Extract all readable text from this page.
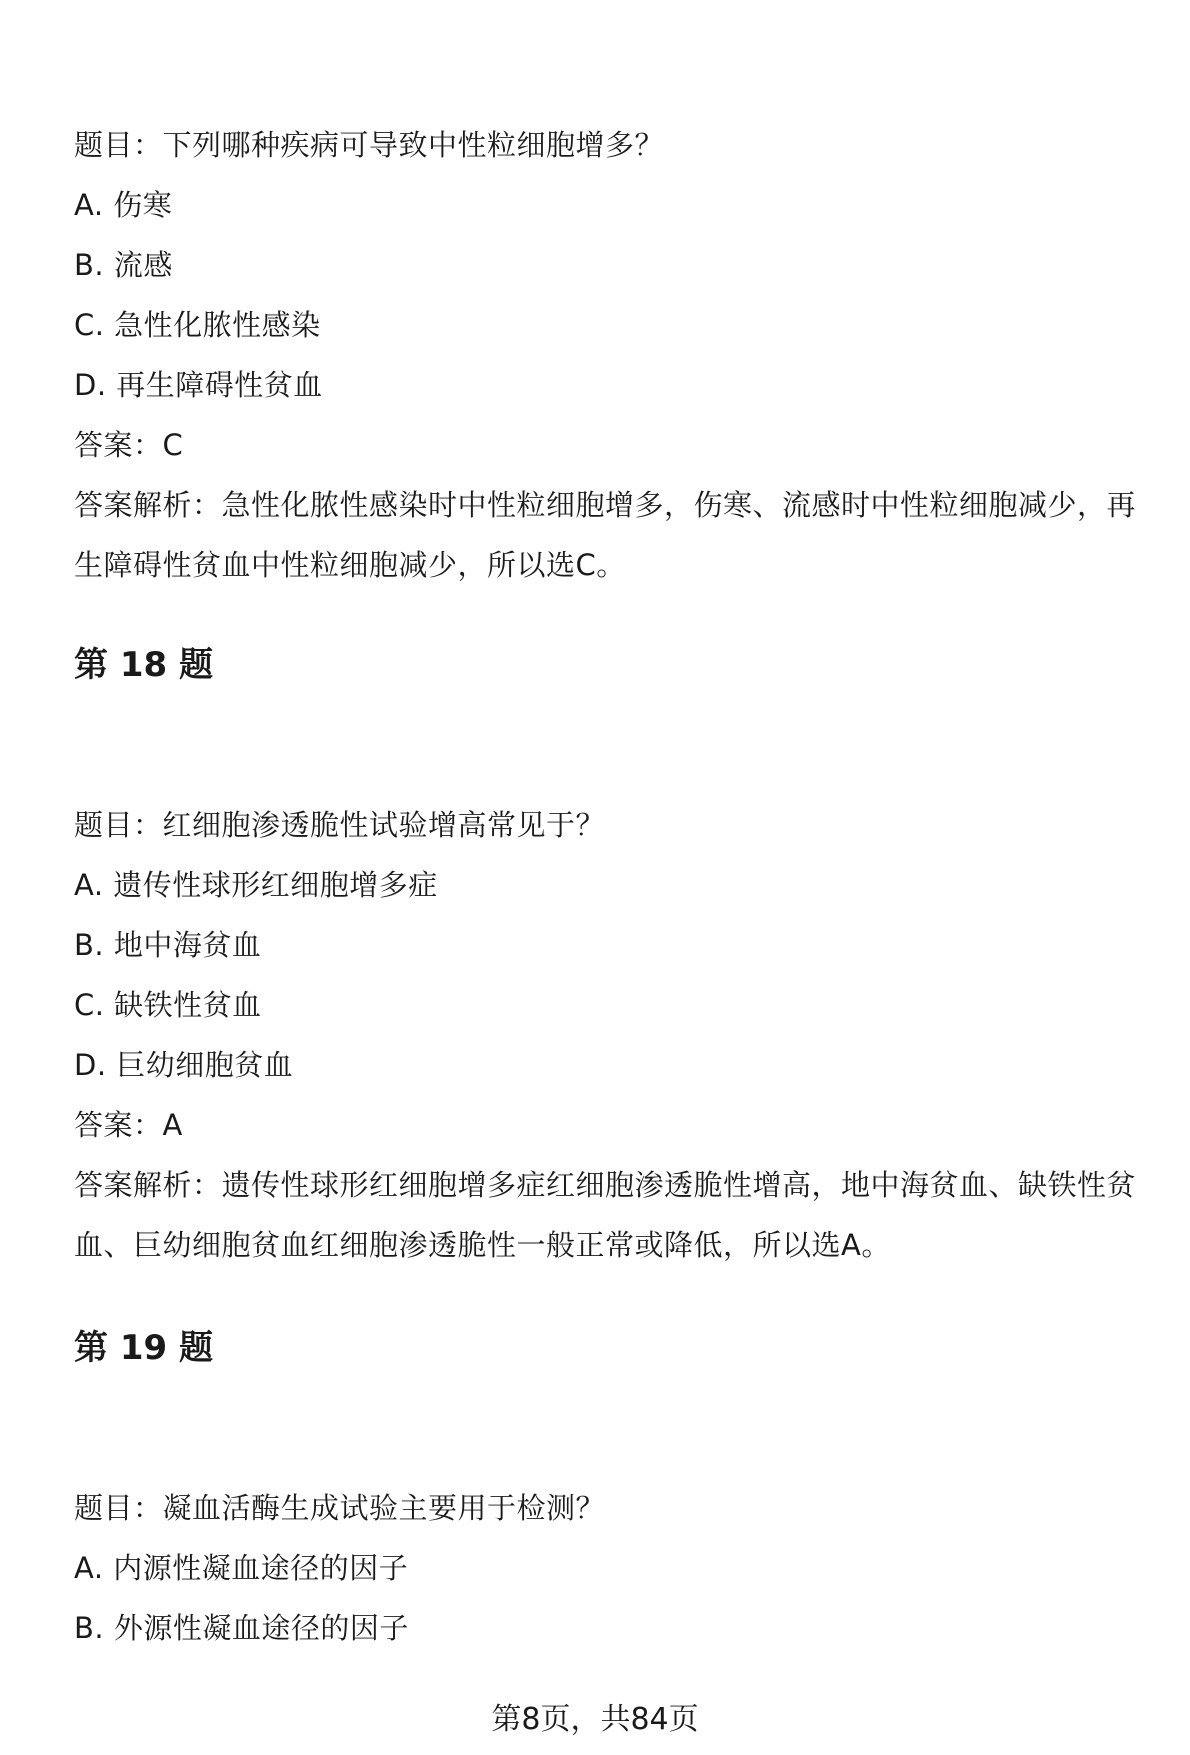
题目：下列哪种疾病可导致中性粒细胞增多？
A. 伤寒
B. 流感
C. 急性化脓性感染
D. 再生障碍性贫血
答案：C
答案解析：急性化脓性感染时中性粒细胞增多，伤寒、流感时中性粒细胞减少，再
生障碍性贫血中性粒细胞减少，所以选C。
第 18 题
题目：红细胞渗透脆性试验增高常见于？
A. 遗传性球形红细胞增多症
B. 地中海贫血
C. 缺铁性贫血
D. 巨幼细胞贫血
答案：A
答案解析：遗传性球形红细胞增多症红细胞渗透脆性增高，地中海贫血、缺铁性贫
血、巨幼细胞贫血红细胞渗透脆性一般正常或降低，所以选A。
第 19 题
题目：凝血活酶生成试验主要用于检测？
A. 内源性凝血途径的因子
B. 外源性凝血途径的因子
第8页，共84页
